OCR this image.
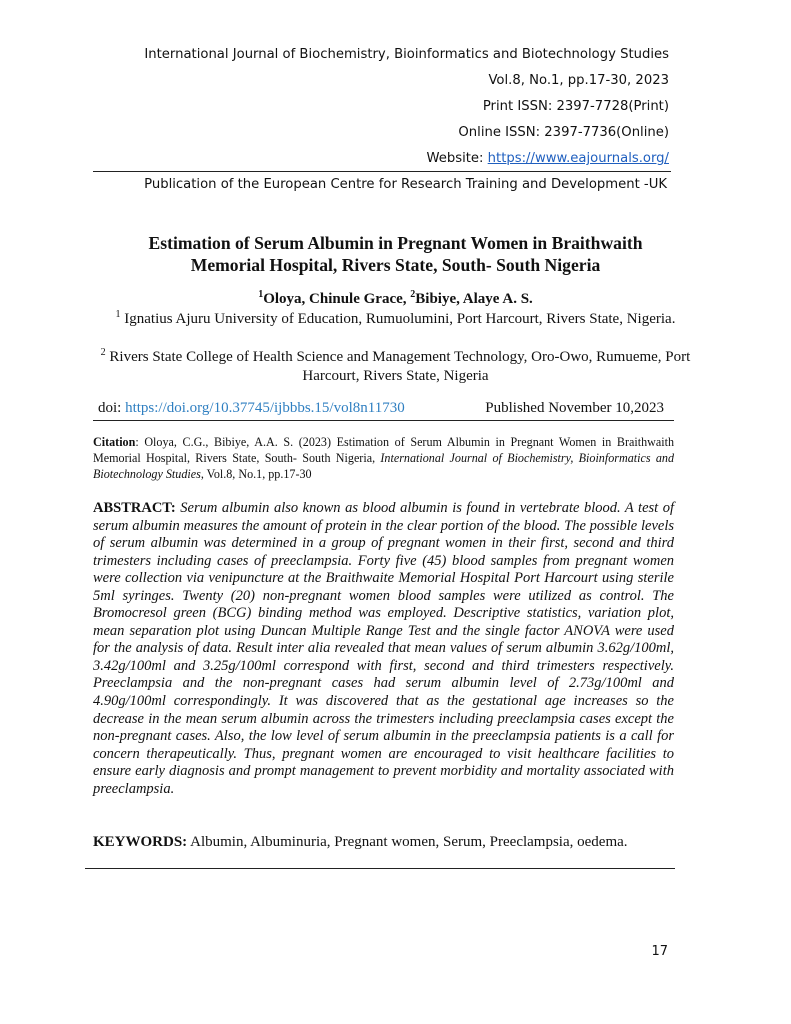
International Journal of Biochemistry, Bioinformatics and Biotechnology Studies
Vol.8, No.1, pp.17-30, 2023
Print ISSN: 2397-7728(Print)
Online ISSN: 2397-7736(Online)
Website: https://www.eajournals.org/
Publication of the European Centre for Research Training and Development -UK
Estimation of Serum Albumin in Pregnant Women in Braithwaith
Memorial Hospital, Rivers State, South- South Nigeria
$^1$Oloya, Chinule Grace, $^2$Bibiye, Alaye A. S.
$^1$ Ignatius Ajuru University of Education, Rumuolumini, Port Harcourt, Rivers State, Nigeria.
$^2$ Rivers State College of Health Science and Management Technology, Oro-Owo, Rumueme, Port Harcourt, Rivers State, Nigeria
doi: https://doi.org/10.37745/ijbbbs.15/vol8n11730	Published November 10,2023
Citation: Oloya, C.G., Bibiye, A.A. S. (2023) Estimation of Serum Albumin in Pregnant Women in Braithwaith Memorial Hospital, Rivers State, South- South Nigeria, International Journal of Biochemistry, Bioinformatics and Biotechnology Studies, Vol.8, No.1, pp.17-30
ABSTRACT: Serum albumin also known as blood albumin is found in vertebrate blood. A test of serum albumin measures the amount of protein in the clear portion of the blood. The possible levels of serum albumin was determined in a group of pregnant women in their first, second and third trimesters including cases of preeclampsia. Forty five (45) blood samples from pregnant women were collection via venipuncture at the Braithwaite Memorial Hospital Port Harcourt using sterile 5ml syringes. Twenty (20) non-pregnant women blood samples were utilized as control. The Bromocresol green (BCG) binding method was employed. Descriptive statistics, variation plot, mean separation plot using Duncan Multiple Range Test and the single factor ANOVA were used for the analysis of data. Result inter alia revealed that mean values of serum albumin 3.62g/100ml, 3.42g/100ml and 3.25g/100ml correspond with first, second and third trimesters respectively. Preeclampsia and the non-pregnant cases had serum albumin level of 2.73g/100ml and 4.90g/100ml correspondingly. It was discovered that as the gestational age increases so the decrease in the mean serum albumin across the trimesters including preeclampsia cases except the non-pregnant cases. Also, the low level of serum albumin in the preeclampsia patients is a call for concern therapeutically. Thus, pregnant women are encouraged to visit healthcare facilities to ensure early diagnosis and prompt management to prevent morbidity and mortality associated with preeclampsia.
KEYWORDS: Albumin, Albuminuria, Pregnant women, Serum, Preeclampsia, oedema.
17
